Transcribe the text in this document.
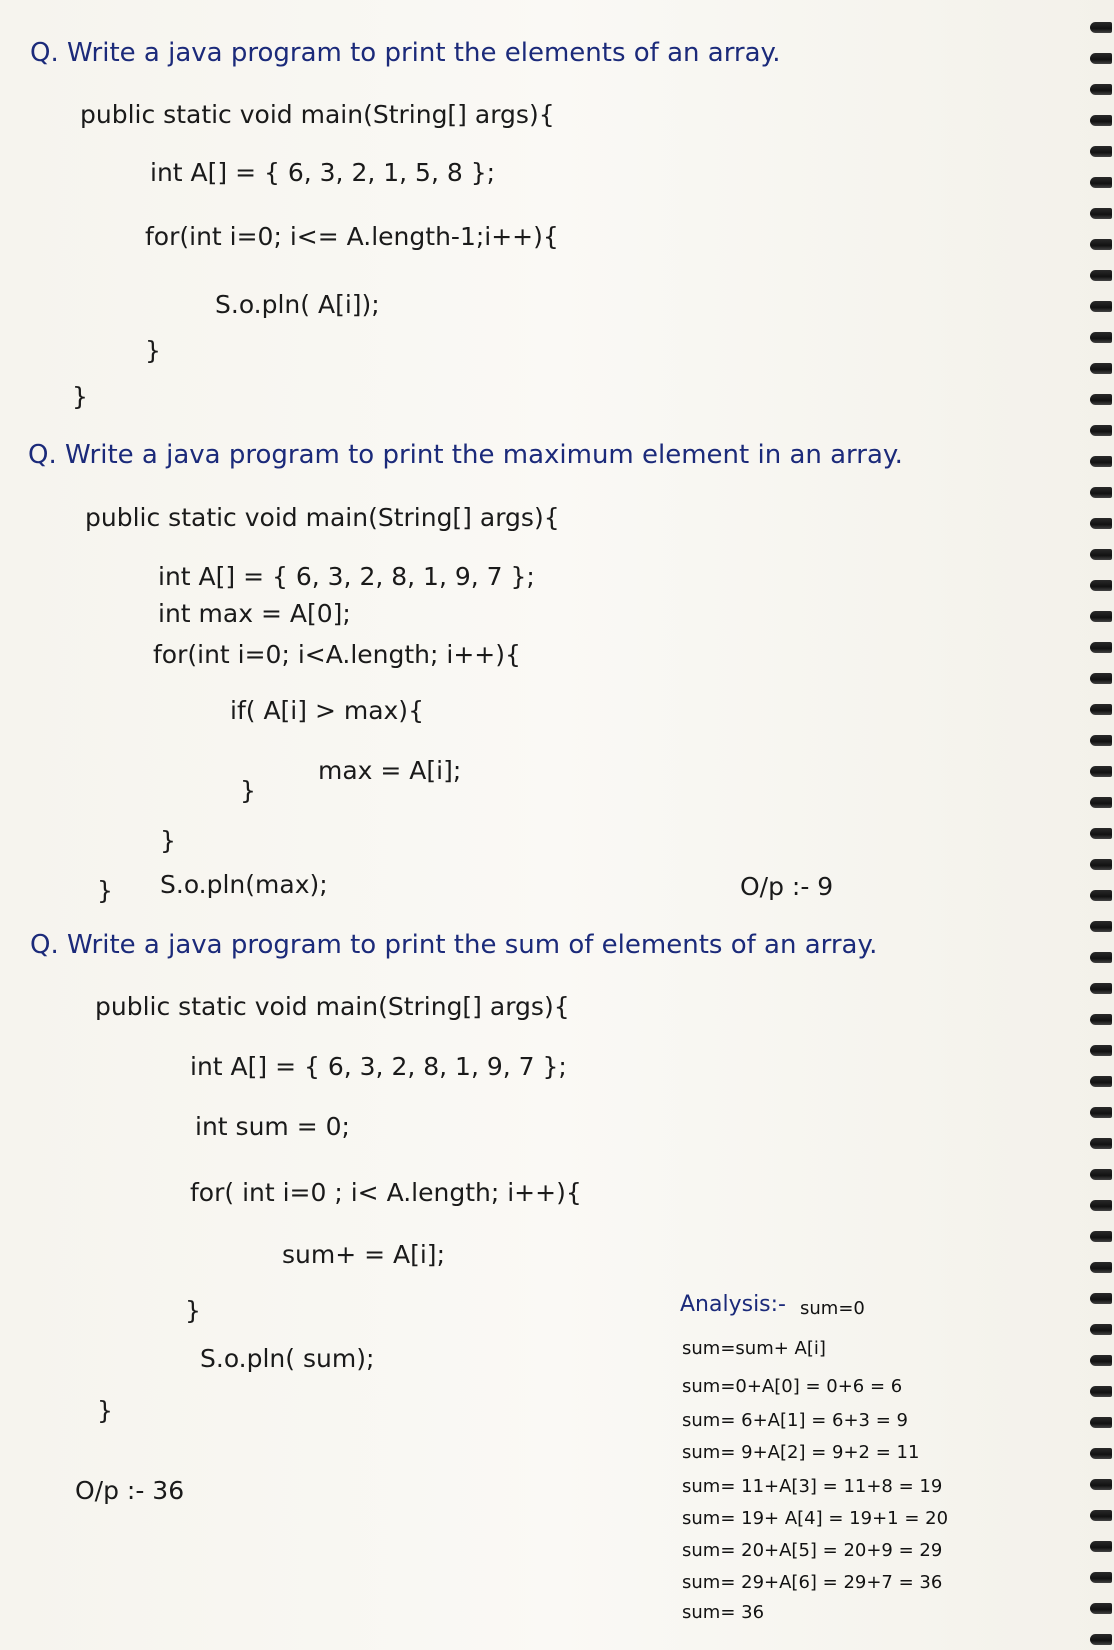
Q. Write a java program to print the elements of an array.
public static void main(String[] args){
int A[] = { 6, 3, 2, 1, 5, 8 };
for(int i=0; i<= A.length-1;i++){
S.o.pln( A[i]);
}
}
Q. Write a java program to print the maximum element in an array.
public static void main(String[] args){
int A[] = { 6, 3, 2, 8, 1, 9, 7 };
int max = A[0];
for(int i=0; i<A.length; i++){
if( A[i] > max){
max = A[i];
}
}
} S.o.pln(max);	O/p :- 9
Q. Write a java program to print the sum of elements of an array.
public static void main(String[] args){
int A[] = { 6, 3, 2, 8, 1, 9, 7 };
int sum = 0;
for( int i=0 ; i< A.length; i++){
sum+ = A[i];
}
S.o.pln( sum);
}
O/p :- 36
Analysis:- sum=0
sum=sum+ A[i]
sum=0+A[0] = 0+6 = 6
sum= 6+A[1] = 6+3 = 9
sum= 9+A[2] = 9+2 = 11
sum= 11+A[3] = 11+8 = 19
sum= 19+ A[4] = 19+1 = 20
sum= 20+A[5] = 20+9 = 29
sum= 29+A[6] = 29+7 = 36
sum= 36
